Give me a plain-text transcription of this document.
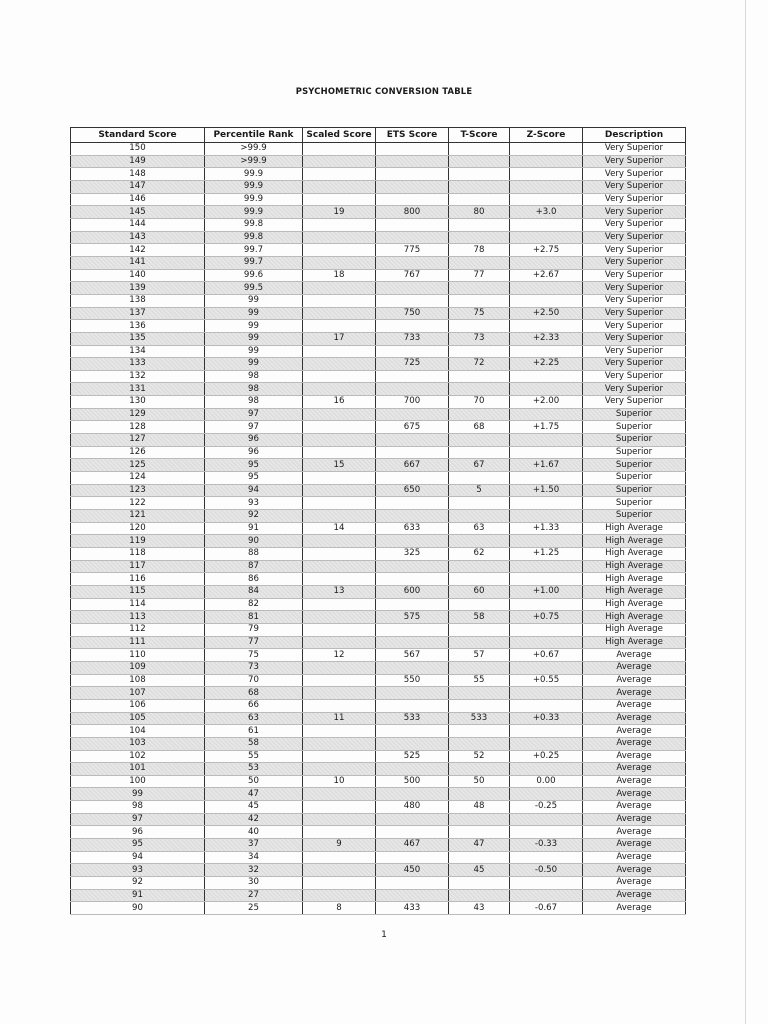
PSYCHOMETRIC CONVERSION TABLE
Standard Score	Percentile Rank	Scaled Score	ETS Score	T-Score	Z-Score	Description
150	>99.9					Very Superior
149	>99.9					Very Superior
148	99.9					Very Superior
147	99.9					Very Superior
146	99.9					Very Superior
145	99.9	19	800	80	+3.0	Very Superior
144	99.8					Very Superior
143	99.8					Very Superior
142	99.7		775	78	+2.75	Very Superior
141	99.7					Very Superior
140	99.6	18	767	77	+2.67	Very Superior
139	99.5					Very Superior
138	99					Very Superior
137	99		750	75	+2.50	Very Superior
136	99					Very Superior
135	99	17	733	73	+2.33	Very Superior
134	99					Very Superior
133	99		725	72	+2.25	Very Superior
132	98					Very Superior
131	98					Very Superior
130	98	16	700	70	+2.00	Very Superior
129	97					Superior
128	97		675	68	+1.75	Superior
127	96					Superior
126	96					Superior
125	95	15	667	67	+1.67	Superior
124	95					Superior
123	94		650	5	+1.50	Superior
122	93					Superior
121	92					Superior
120	91	14	633	63	+1.33	High Average
119	90					High Average
118	88		325	62	+1.25	High Average
117	87					High Average
116	86					High Average
115	84	13	600	60	+1.00	High Average
114	82					High Average
113	81		575	58	+0.75	High Average
112	79					High Average
111	77					High Average
110	75	12	567	57	+0.67	Average
109	73					Average
108	70		550	55	+0.55	Average
107	68					Average
106	66					Average
105	63	11	533	533	+0.33	Average
104	61					Average
103	58					Average
102	55		525	52	+0.25	Average
101	53					Average
100	50	10	500	50	0.00	Average
99	47					Average
98	45		480	48	-0.25	Average
97	42					Average
96	40					Average
95	37	9	467	47	-0.33	Average
94	34					Average
93	32		450	45	-0.50	Average
92	30					Average
91	27					Average
90	25	8	433	43	-0.67	Average
1
